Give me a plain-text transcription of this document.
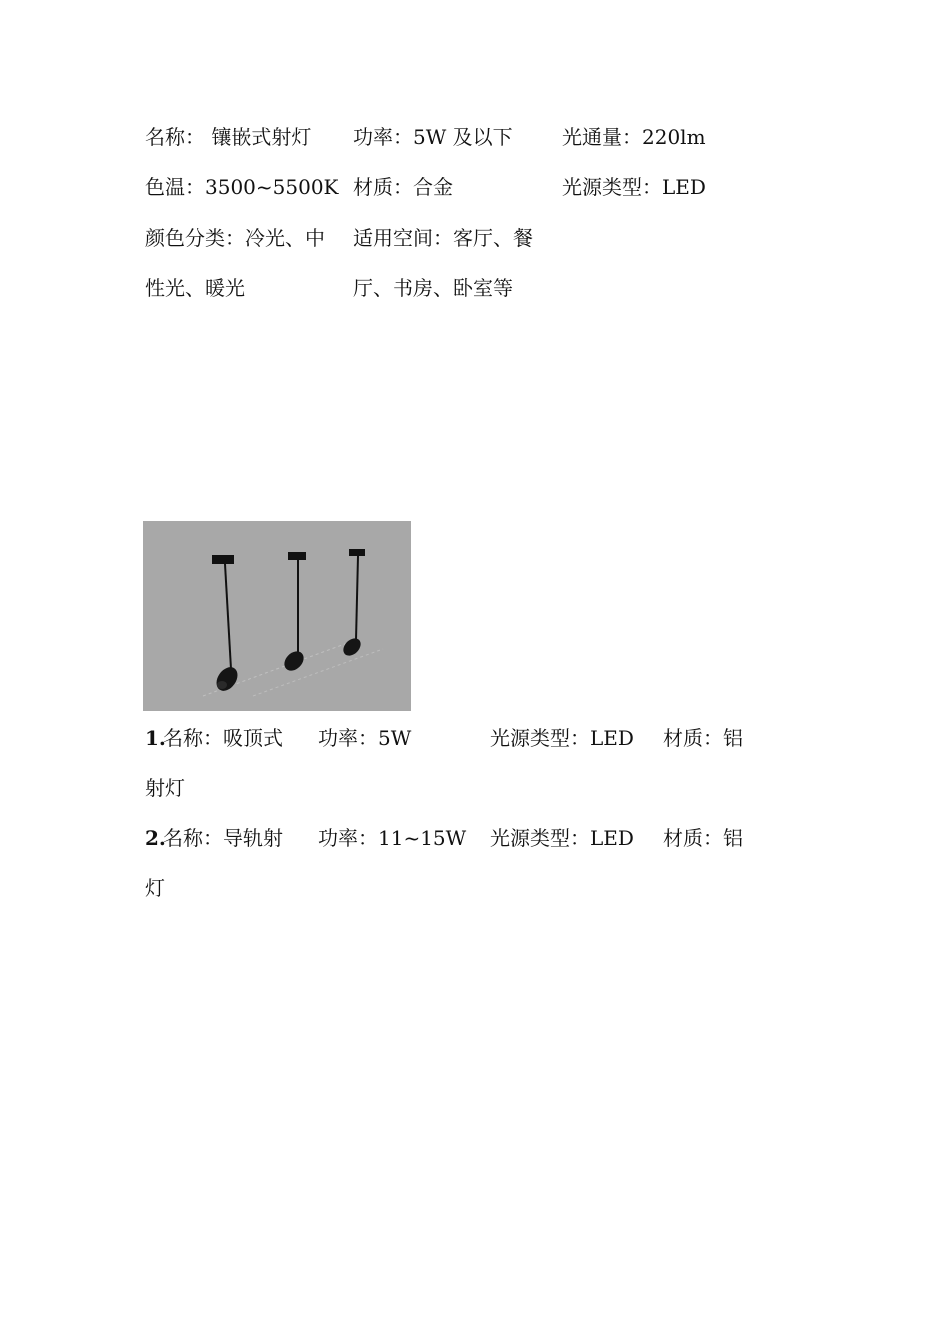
名称： 镶嵌式射灯 功率：5W 及以下 光通量：220lm
色温：3500~5500K 材质：合金	光源类型：LED
颜色分类：冷光、中 适用空间：客厅、餐
性光、暖光	厅、书房、卧室等
1.
名称：吸顶式 功率：5W	光源类型：LED 材质：铝
射灯
2.
名称：导轨射 功率：11~15W 光源类型：LED 材质：铝
灯
